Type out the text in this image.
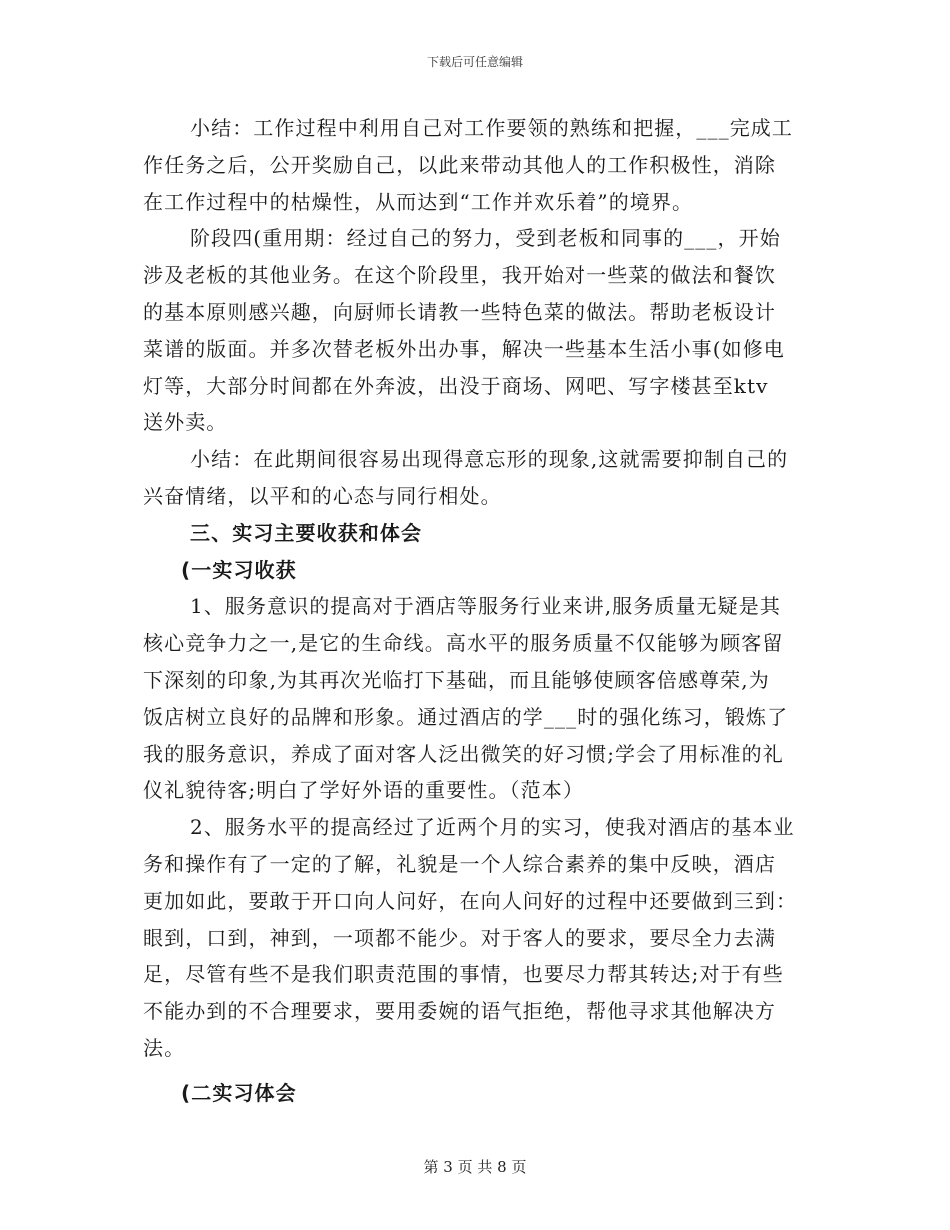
下载后可任意编辑
小结：工作过程中利用自己对工作要领的熟练和把握，___完成工
作任务之后，公开奖励自己，以此来带动其他人的工作积极性，消除
在工作过程中的枯燥性，从而达到“工作并欢乐着”的境界。
阶段四(重用期：经过自己的努力，受到老板和同事的___，开始
涉及老板的其他业务。在这个阶段里，我开始对一些菜的做法和餐饮
的基本原则感兴趣，向厨师长请教一些特色菜的做法。帮助老板设计
菜谱的版面。并多次替老板外出办事，解决一些基本生活小事(如修电
灯等，大部分时间都在外奔波，出没于商场、网吧、写字楼甚至ktv
送外卖。
小结：在此期间很容易出现得意忘形的现象,这就需要抑制自己的
兴奋情绪，以平和的心态与同行相处。
三、实习主要收获和体会
(一实习收获
1、服务意识的提高对于酒店等服务行业来讲,服务质量无疑是其
核心竞争力之一,是它的生命线。高水平的服务质量不仅能够为顾客留
下深刻的印象,为其再次光临打下基础，而且能够使顾客倍感尊荣,为
饭店树立良好的品牌和形象。通过酒店的学___时的强化练习，锻炼了
我的服务意识，养成了面对客人泛出微笑的好习惯;学会了用标准的礼
仪礼貌待客;明白了学好外语的重要性。（范本）
2、服务水平的提高经过了近两个月的实习，使我对酒店的基本业
务和操作有了一定的了解，礼貌是一个人综合素养的集中反映，酒店
更加如此，要敢于开口向人问好，在向人问好的过程中还要做到三到：
眼到，口到，神到，一项都不能少。对于客人的要求，要尽全力去满
足，尽管有些不是我们职责范围的事情，也要尽力帮其转达;对于有些
不能办到的不合理要求，要用委婉的语气拒绝，帮他寻求其他解决方
法。
(二实习体会
第 3 页 共 8 页
